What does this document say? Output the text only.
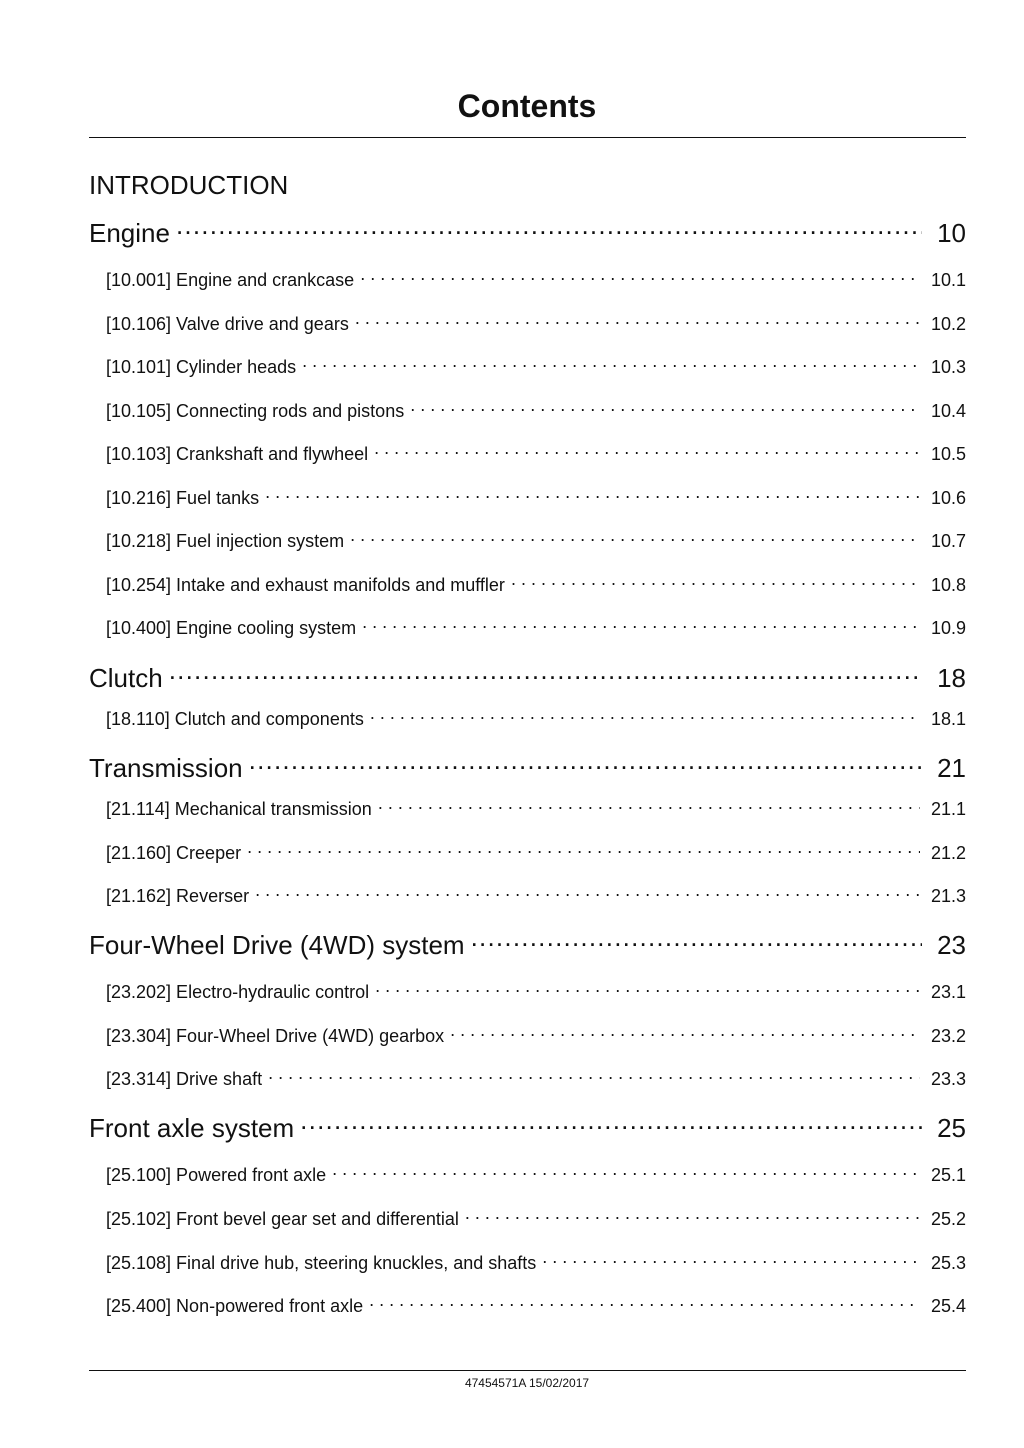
Contents
INTRODUCTION
Engine . . .	10
[10.001] Engine and crankcase . . .	10.1
[10.106] Valve drive and gears . . .	10.2
[10.101] Cylinder heads . . .	10.3
[10.105] Connecting rods and pistons . . .	10.4
[10.103] Crankshaft and flywheel . . .	10.5
[10.216] Fuel tanks . . .	10.6
[10.218] Fuel injection system . . .	10.7
[10.254] Intake and exhaust manifolds and muffler . . .	10.8
[10.400] Engine cooling system . . .	10.9
Clutch . . .	18
[18.110] Clutch and components . . .	18.1
Transmission . . .	21
[21.114] Mechanical transmission . . .	21.1
[21.160] Creeper . . .	21.2
[21.162] Reverser . . .	21.3
Four-Wheel Drive (4WD) system . . .	23
[23.202] Electro-hydraulic control . . .	23.1
[23.304] Four-Wheel Drive (4WD) gearbox . . .	23.2
[23.314] Drive shaft . . .	23.3
Front axle system . . .	25
[25.100] Powered front axle . . .	25.1
[25.102] Front bevel gear set and differential . . .	25.2
[25.108] Final drive hub, steering knuckles, and shafts . . .	25.3
[25.400] Non-powered front axle . . .	25.4
47454571A 15/02/2017
